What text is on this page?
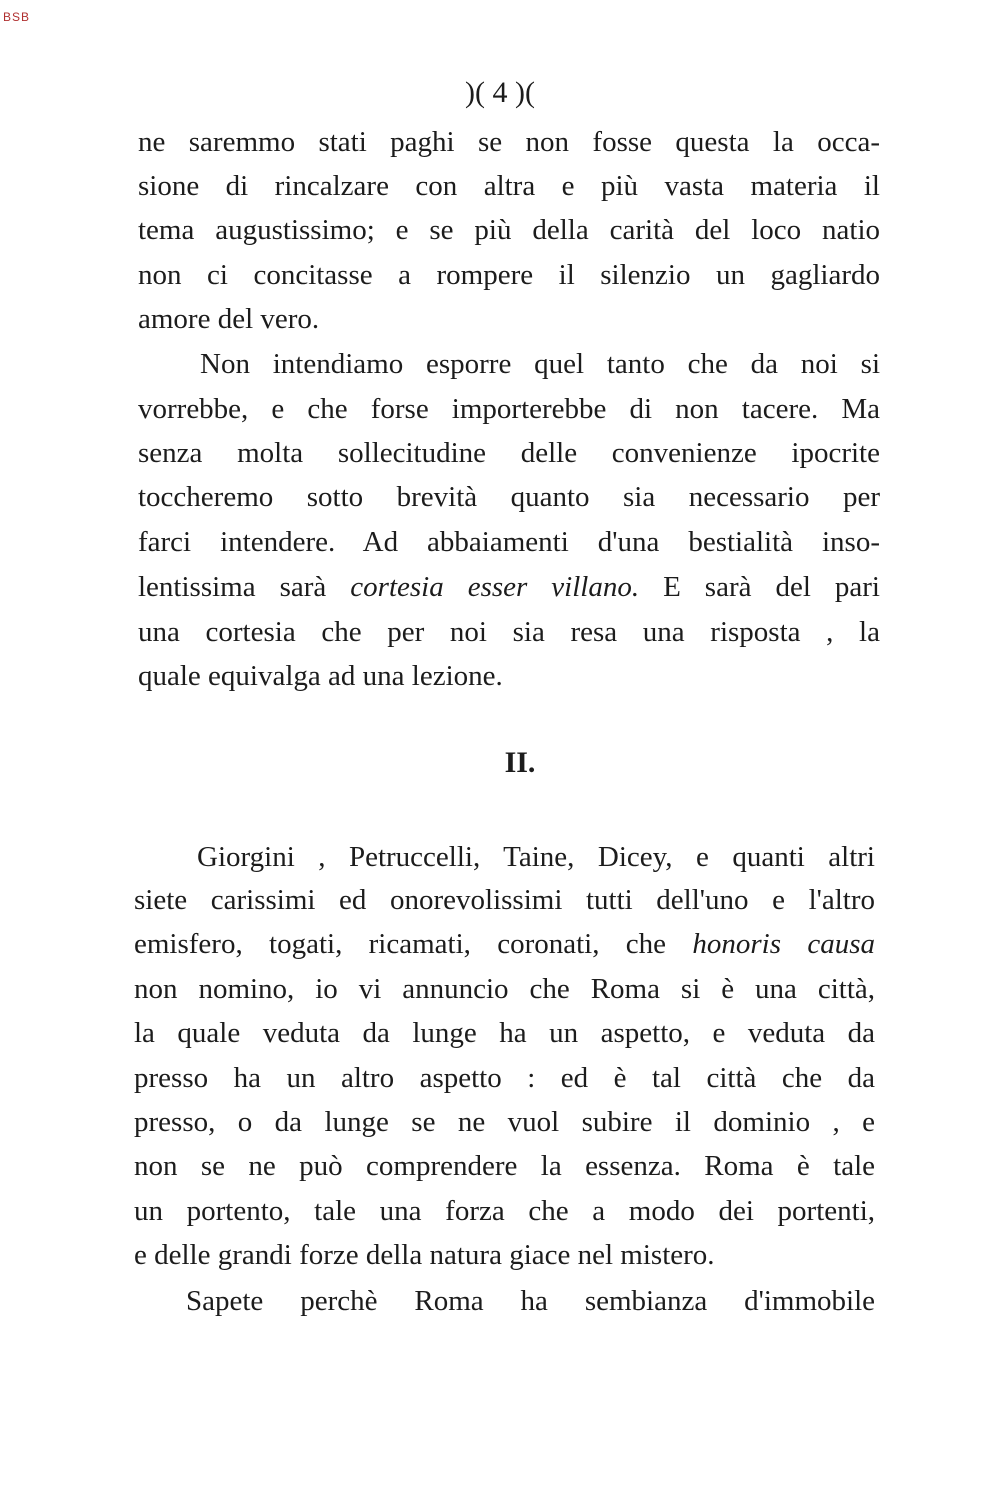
BSB
)( 4 )(
ne saremmo stati paghi se non fosse questa la occa-
sione di rincalzare con altra e più vasta materia il
tema augustissimo; e se più della carità del loco natio
non ci concitasse a rompere il silenzio un gagliardo
amore del vero.
Non intendiamo esporre quel tanto che da noi si
vorrebbe, e che forse importerebbe di non tacere. Ma
senza molta sollecitudine delle convenienze ipocrite
toccheremo sotto brevità quanto sia necessario per
farci intendere. Ad abbaiamenti d'una bestialità inso-
lentissima sarà cortesia esser villano. E sarà del pari
una cortesia che per noi sia resa una risposta , la
quale equivalga ad una lezione.
II.
Giorgini , Petruccelli, Taine, Dicey, e quanti altri
siete carissimi ed onorevolissimi tutti dell'uno e l'altro
emisfero, togati, ricamati, coronati, che honoris causa
non nomino, io vi annuncio che Roma si è una città,
la quale veduta da lunge ha un aspetto, e veduta da
presso ha un altro aspetto : ed è tal città che da
presso, o da lunge se ne vuol subire il dominio , e
non se ne può comprendere la essenza. Roma è tale
un portento, tale una forza che a modo dei portenti,
e delle grandi forze della natura giace nel mistero.
Sapete perchè Roma ha sembianza d'immobile
